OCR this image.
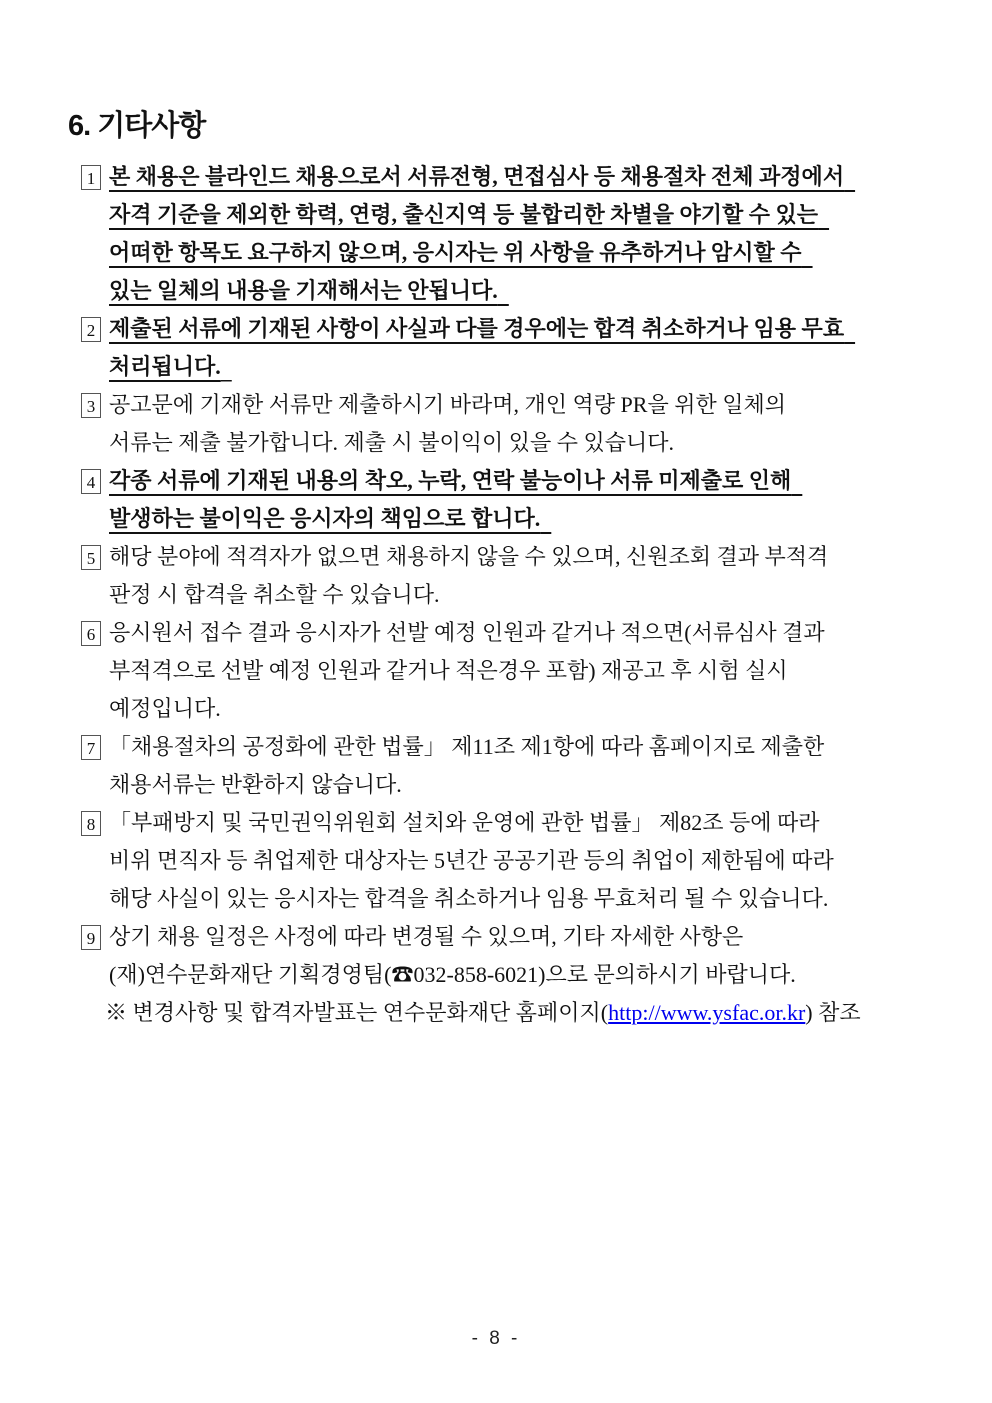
6. 기타사항
1 본 채용은 블라인드 채용으로서 서류전형, 면접심사 등 채용절차 전체 과정에서
자격 기준을 제외한 학력, 연령, 출신지역 등 불합리한 차별을 야기할 수 있는
어떠한 항목도 요구하지 않으며, 응시자는 위 사항을 유추하거나 암시할 수
있는 일체의 내용을 기재해서는 안됩니다.
2 제출된 서류에 기재된 사항이 사실과 다를 경우에는 합격 취소하거나 임용 무효
처리됩니다.
3 공고문에 기재한 서류만 제출하시기 바라며, 개인 역량 PR을 위한 일체의
서류는 제출 불가합니다. 제출 시 불이익이 있을 수 있습니다.
4 각종 서류에 기재된 내용의 착오, 누락, 연락 불능이나 서류 미제출로 인해
발생하는 불이익은 응시자의 책임으로 합니다.
5 해당 분야에 적격자가 없으면 채용하지 않을 수 있으며, 신원조회 결과 부적격
판정 시 합격을 취소할 수 있습니다.
6 응시원서 접수 결과 응시자가 선발 예정 인원과 같거나 적으면(서류심사 결과
부적격으로 선발 예정 인원과 같거나 적은경우 포함) 재공고 후 시험 실시
예정입니다.
7 「채용절차의 공정화에 관한 법률」 제11조 제1항에 따라 홈페이지로 제출한
채용서류는 반환하지 않습니다.
8 「부패방지 및 국민권익위원회 설치와 운영에 관한 법률」 제82조 등에 따라
비위 면직자 등 취업제한 대상자는 5년간 공공기관 등의 취업이 제한됨에 따라
해당 사실이 있는 응시자는 합격을 취소하거나 임용 무효처리 될 수 있습니다.
9 상기 채용 일정은 사정에 따라 변경될 수 있으며, 기타 자세한 사항은
(재)연수문화재단 기획경영팀(☎032-858-6021)으로 문의하시기 바랍니다.
※ 변경사항 및 합격자발표는 연수문화재단 홈페이지(http://www.ysfac.or.kr) 참조
- 8 -
